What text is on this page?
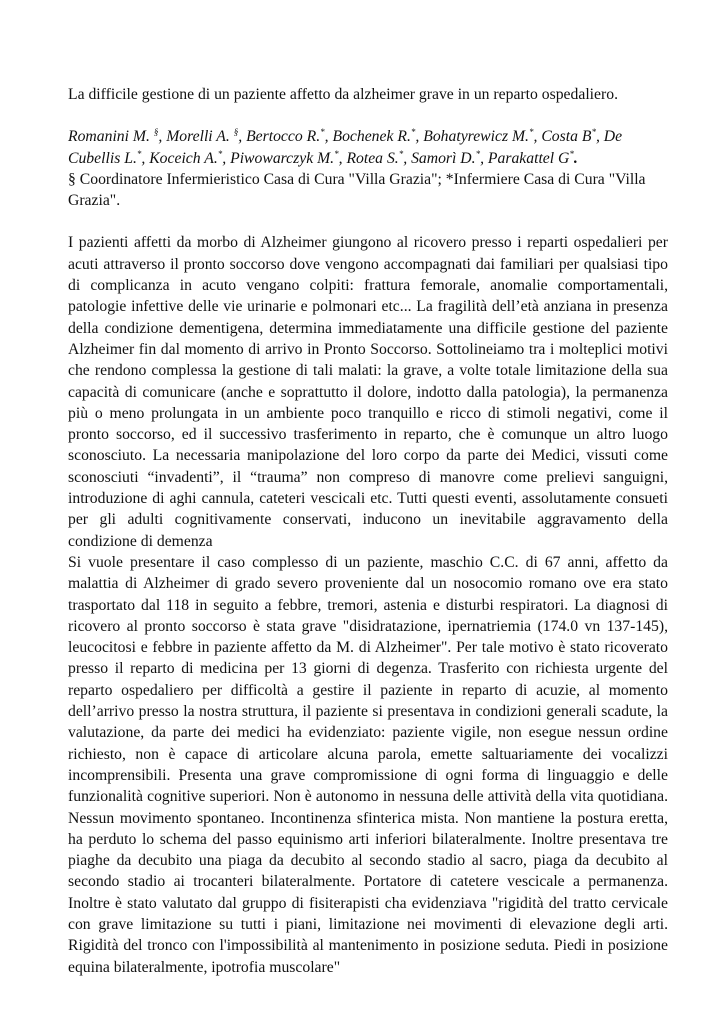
La difficile gestione di un paziente affetto da alzheimer grave in un reparto ospedaliero.

Romanini M. §, Morelli A. §, Bertocco R.*, Bochenek R.*, Bohatyrewicz M.*, Costa B*, De Cubellis L.*, Koceich A.*, Piwowarczyk M.*, Rotea S.*, Samorì D.*, Parakattel G*.

§ Coordinatore Infermieristico Casa di Cura "Villa Grazia"; *Infermiere Casa di Cura "Villa Grazia".

I pazienti affetti da morbo di Alzheimer giungono al ricovero presso i reparti ospedalieri per acuti attraverso il pronto soccorso dove vengono accompagnati dai familiari per qualsiasi tipo di complicanza in acuto vengano colpiti: frattura femorale, anomalie comportamentali, patologie infettive delle vie urinarie e polmonari etc... La fragilità dell’età anziana in presenza della condizione dementigena, determina immediatamente una difficile gestione del paziente Alzheimer fin dal momento di arrivo in Pronto Soccorso. Sottolineiamo tra i molteplici motivi che rendono complessa la gestione di tali malati: la grave, a volte totale limitazione della sua capacità di comunicare (anche e soprattutto il dolore, indotto dalla patologia), la permanenza più o meno prolungata in un ambiente poco tranquillo e ricco di stimoli negativi, come il pronto soccorso, ed il successivo trasferimento in reparto, che è comunque un altro luogo sconosciuto. La necessaria manipolazione del loro corpo da parte dei Medici, vissuti come sconosciuti “invadenti”, il “trauma” non compreso di manovre come prelievi sanguigni, introduzione di aghi cannula, cateteri vescicali etc. Tutti questi eventi, assolutamente consueti per gli adulti cognitivamente conservati, inducono un inevitabile aggravamento della condizione di demenza

Si vuole presentare il caso complesso di un paziente, maschio C.C. di 67 anni, affetto da malattia di Alzheimer di grado severo proveniente dal un nosocomio romano ove era stato trasportato dal 118 in seguito a febbre, tremori, astenia e disturbi respiratori. La diagnosi di ricovero al pronto soccorso è stata grave "disidratazione, ipernatriemia (174.0 vn 137-145), leucocitosi e febbre in paziente affetto da M. di Alzheimer". Per tale motivo è stato ricoverato presso il reparto di medicina per 13 giorni di degenza. Trasferito con richiesta urgente del reparto ospedaliero per difficoltà a gestire il paziente in reparto di acuzie, al momento dell’arrivo presso la nostra struttura, il paziente si presentava in condizioni generali scadute, la valutazione, da parte dei medici ha evidenziato: paziente vigile, non esegue nessun ordine richiesto, non è capace di articolare alcuna parola, emette saltuariamente dei vocalizzi incomprensibili. Presenta una grave compromissione di ogni forma di linguaggio e delle funzionalità cognitive superiori. Non è autonomo in nessuna delle attività della vita quotidiana. Nessun movimento spontaneo. Incontinenza sfinterica mista. Non mantiene la postura eretta, ha perduto lo schema del passo equinismo arti inferiori bilateralmente. Inoltre presentava tre piaghe da decubito una piaga da decubito al secondo stadio al sacro, piaga da decubito al secondo stadio ai trocanteri bilateralmente. Portatore di catetere vescicale a permanenza. Inoltre è stato valutato dal gruppo di fisiterapisti cha evidenziava "rigidità del tratto cervicale con grave limitazione su tutti i piani, limitazione nei movimenti di elevazione degli arti. Rigidità del tronco con l'impossibilità al mantenimento in posizione seduta. Piedi in posizione equina bilateralmente, ipotrofia muscolare"
